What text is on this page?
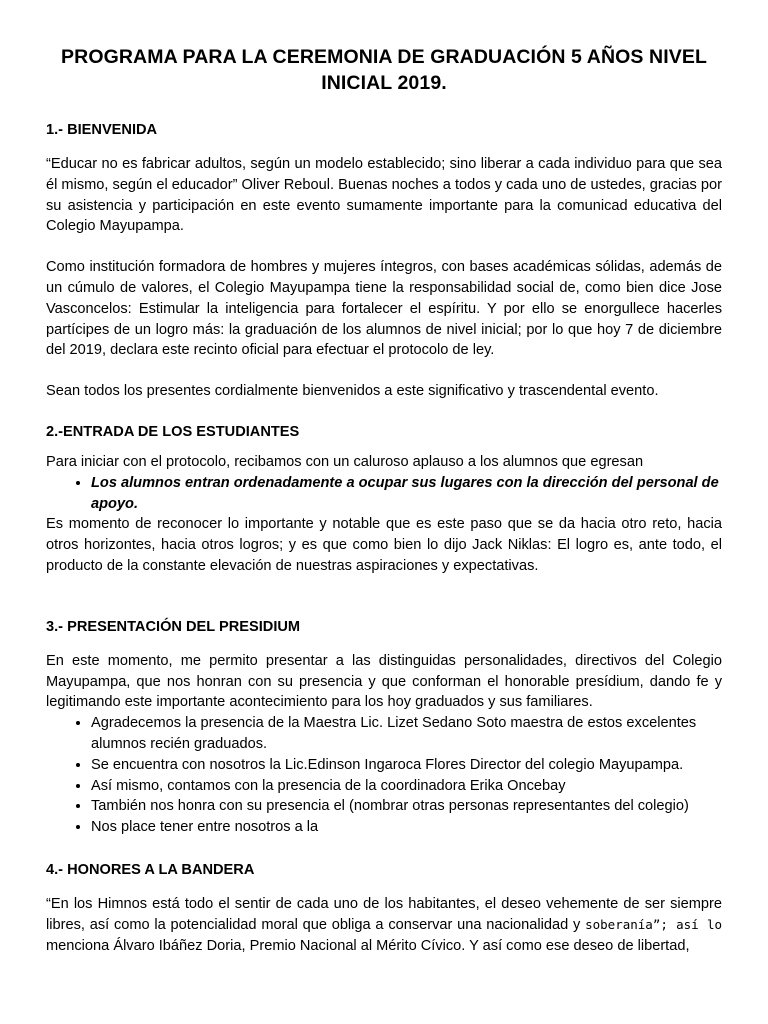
PROGRAMA PARA LA CEREMONIA DE GRADUACIÓN 5 AÑOS NIVEL INICIAL 2019.
1.- BIENVENIDA

“Educar no es fabricar adultos, según un modelo establecido; sino liberar a cada individuo para que sea él mismo, según el educador” Oliver Reboul. Buenas noches a todos y cada uno de ustedes, gracias por su asistencia y participación en este evento sumamente importante para la comunicad educativa del Colegio Mayupampa.

Como institución formadora de hombres y mujeres íntegros, con bases académicas sólidas, además de un cúmulo de valores, el Colegio Mayupampa tiene la responsabilidad social de, como bien dice Jose Vasconcelos: Estimular la inteligencia para fortalecer el espíritu. Y por ello se enorgullece hacerles partícipes de un logro más: la graduación de los alumnos de nivel inicial; por lo que hoy 7 de diciembre del 2019, declara este recinto oficial para efectuar el protocolo de ley.

Sean todos los presentes cordialmente bienvenidos a este significativo y trascendental evento.

2.-ENTRADA DE LOS ESTUDIANTES

Para iniciar con el protocolo, recibamos con un caluroso aplauso a los alumnos que egresan

• Los alumnos entran ordenadamente a ocupar sus lugares con la dirección del personal de apoyo.

Es momento de reconocer lo importante y notable que es este paso que se da hacia otro reto, hacia otros horizontes, hacia otros logros; y es que como bien lo dijo Jack Niklas: El logro es, ante todo, el producto de la constante elevación de nuestras aspiraciones y expectativas.

3.- PRESENTACIÓN DEL PRESIDIUM

En este momento, me permito presentar a las distinguidas personalidades, directivos del Colegio Mayupampa, que nos honran con su presencia y que conforman el honorable presídium, dando fe y legitimando este importante acontecimiento para los hoy graduados y sus familiares.

• Agradecemos la presencia de la Maestra Lic. Lizet Sedano Soto maestra de estos excelentes alumnos recién graduados.
• Se encuentra con nosotros la Lic.Edinson Ingaroca Flores Director del colegio Mayupampa.
• Así mismo, contamos con la presencia de la coordinadora Erika Oncebay
• También nos honra con su presencia el (nombrar otras personas representantes del colegio)
• Nos place tener entre nosotros a la
4.- HONORES A LA BANDERA

“En los Himnos está todo el sentir de cada uno de los habitantes, el deseo vehemente de ser siempre libres, así como la potencialidad moral que obliga a conservar una nacionalidad y soberanía”; así lo menciona Álvaro Ibáñez Doria, Premio Nacional al Mérito Cívico. Y así como ese deseo de libertad,
